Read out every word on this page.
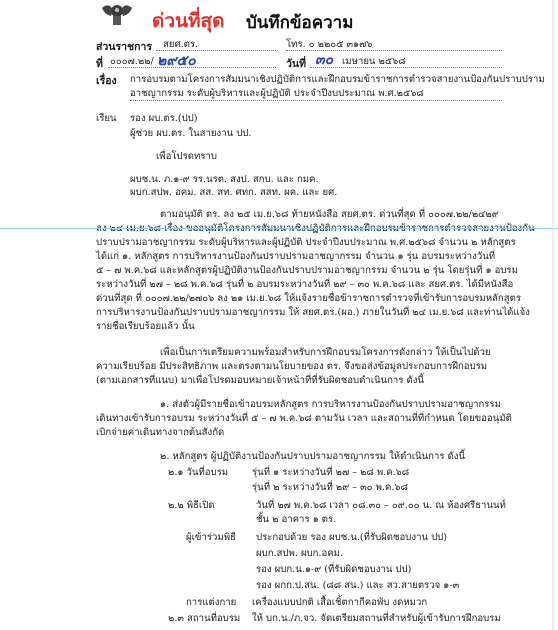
ด่วนที่สุด บันทึกข้อความ
ส่วนราชการ สยศ.ตร.	โทร. ๐ ๒๒๐๕ ๓๑๗๖
ที่ ๐๐๐๗.๒๒/ ๒๙๕๐	วันที่ ๓๐ เมษายน ๒๕๖๘
เรื่อง การอบรมตามโครงการสัมมนาเชิงปฏิบัติการและฝึกอบรมข้าราชการตำรวจสายงานป้องกันปราบปราม
อาชญากรรม ระดับผู้บริหารและผู้ปฏิบัติ ประจำปีงบประมาณ พ.ศ.๒๕๖๘
เรียน รอง ผบ.ตร.(ปป)
ผู้ช่วย ผบ.ตร. ในสายงาน ปป.
เพื่อโปรดทราบ
ผบช.น. ภ.๑-๙ รร.นรต. สงป. สกบ. และ กมค.
ผบก.สปพ. อคม. สส. สท. ศทก. สสท. ผค. และ ยศ.
ตามอนุมัติ ตร. ลง ๒๕ เม.ย.๖๘ ท้ายหนังสือ สยศ.ตร. ด่วนที่สุด ที่ ๐๐๐๗.๒๒/๒๔๒๙
ปราบปรามอาชญากรรม ระดับผู้บริหารและผู้ปฏิบัติ ประจำปีงบประมาณ พ.ศ.๒๕๖๘ จำนวน ๒ หลักสูตร
ได้แก่ ๑. หลักสูตร การบริหารงานป้องกันปราบปรามอาชญากรรม จำนวน ๑ รุ่น อบรมระหว่างวันที่
๕ – ๗ พ.ค.๖๘ และหลักสูตรผู้ปฏิบัติงานป้องกันปราบปรามอาชญากรรม จำนวน ๒ รุ่น โดยรุ่นที่ ๑ อบรม
ระหว่างวันที่ ๒๗ – ๒๘ พ.ค.๖๘ รุ่นที่ ๒ อบรมระหว่างวันที่ ๒๙ – ๓๐ พ.ค.๖๘ และ สยศ.ตร. ได้มีหนังสือ
ด่วนที่สุด ที่ ๐๐๐๗.๒๒/๒๗๐๖ ลง ๒๑ เม.ย.๖๘ ให้แจ้งรายชื่อข้าราชการตำรวจที่เข้ารับการอบรมหลักสูตร
การบริหารงานป้องกันปราบปรามอาชญากรรม ให้ สยศ.ตร.(ผอ.) ภายในวันที่ ๒๔ เม.ย.๖๘ และท่านได้แจ้ง
รายชื่อเรียบร้อยแล้ว นั้น
เพื่อเป็นการเตรียมความพร้อมสำหรับการฝึกอบรมโครงการดังกล่าว ให้เป็นไปด้วย
ความเรียบร้อย มีประสิทธิภาพ และตรงตามนโยบายของ ตร. จึงขอส่งข้อมูลประกอบการฝึกอบรม
(ตามเอกสารที่แนบ) มาเพื่อโปรดมอบหมายเจ้าหน้าที่ที่รับผิดชอบดำเนินการ ดังนี้
๑. ส่งตัวผู้มีรายชื่อเข้าอบรมหลักสูตร การบริหารงานป้องกันปราบปรามอาชญากรรม
เดินทางเข้ารับการอบรม ระหว่างวันที่ ๕ – ๗ พ.ค.๖๘ ตามวัน เวลา และสถานที่ที่กำหนด โดยขออนุมัติ
เบิกจ่ายค่าเดินทางจากต้นสังกัด
๒. หลักสูตร ผู้ปฏิบัติงานป้องกันปราบปรามอาชญากรรม ให้ดำเนินการ ดังนี้
๒.๑ วันที่อบรม รุ่นที่ ๑ ระหว่างวันที่ ๒๗ – ๒๘ พ.ค.๖๘
รุ่นที่ ๒ ระหว่างวันที่ ๒๙ – ๓๐ พ.ค.๖๘
๒.๒ พิธีเปิด	วันที่ ๒๗ พ.ค.๖๘ เวลา ๐๘.๓๐ – ๐๙.๐๐ น. ณ ห้องศรีธานนท์
ชั้น ๒ อาคาร ๑ ตร.
ผู้เข้าร่วมพิธี ประกอบด้วย รอง ผบช.น.(ที่รับผิดชอบงาน ปป)
ผบก.สปพ. ผบก.อคม.
รอง ผบก.น.๑-๙ (ที่รับผิดชอบงาน ปป)
รอง ผกก.ป.สน. (๘๘ สน.) และ สว.สายตรวจ ๑-๓
การแต่งกาย เครื่องแบบปกติ เสื้อเชิ้ตกากีคอพับ งดหมวก
๒.๓ สถานที่อบรม ให้ บก.น./ภ.จว. จัดเตรียมสถานที่สำหรับผู้เข้ารับการฝึกอบรม
